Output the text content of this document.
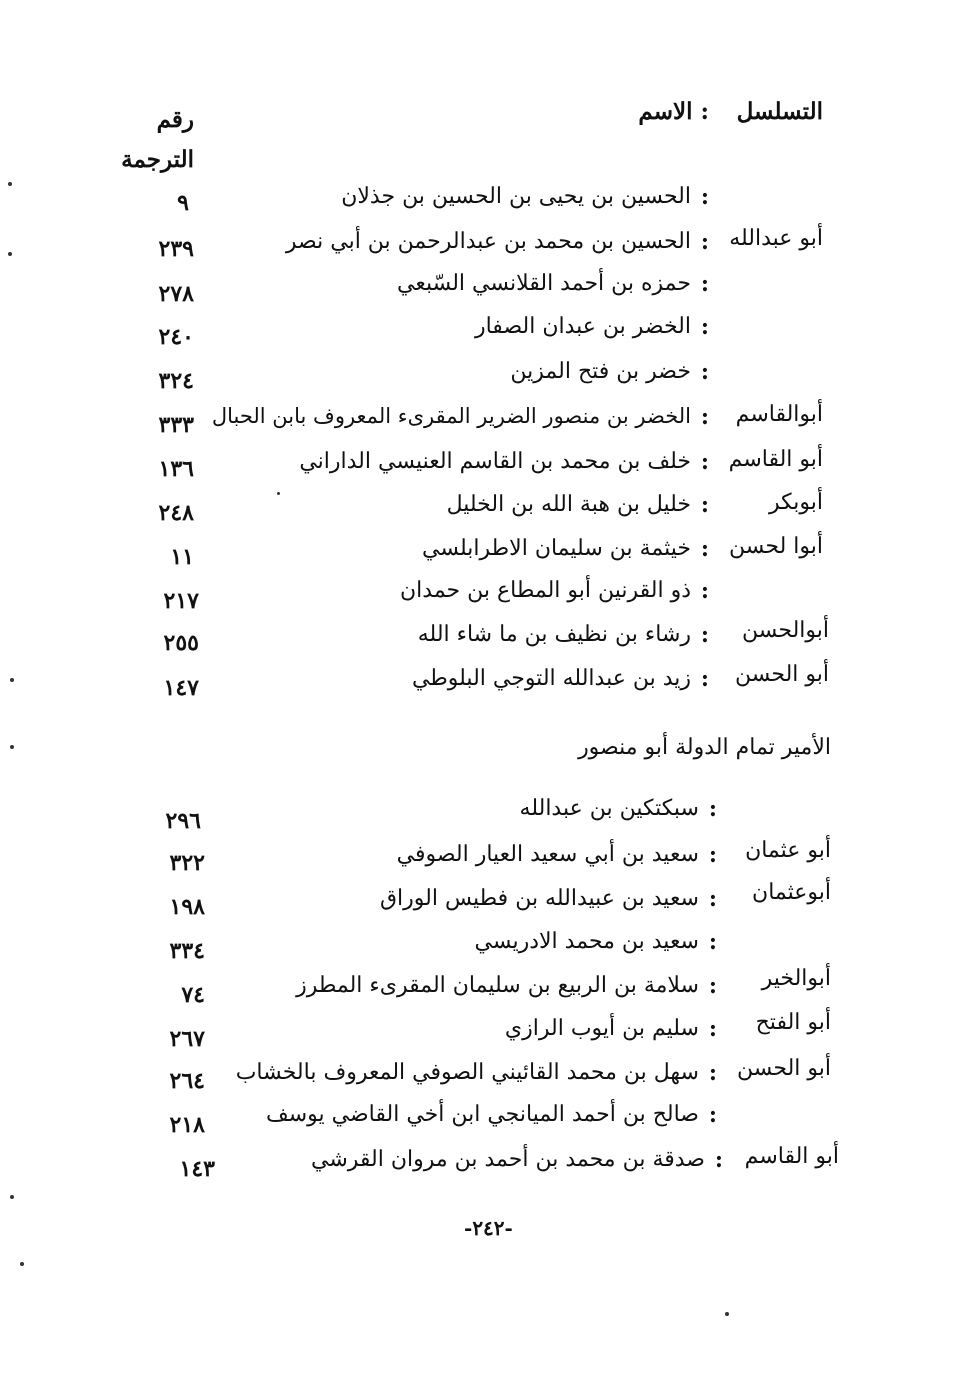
التسلسل
: الاسم
رقم
الترجمة
:
الحسين بن يحيى بن الحسين بن جذلان
٩
أبو عبدالله
:
الحسين بن محمد بن عبدالرحمن بن أبي نصر
٢٣٩
:
حمزه بن أحمد القلانسي السّبعي
٢٧٨
:
الخضر بن عبدان الصفار
٢٤٠
:
خضر بن فتح المزين
٣٢٤
أبوالقاسم
:
الخضر بن منصور الضرير المقرىء المعروف بابن الحبال
٣٣٣
أبو القاسم
:
خلف بن محمد بن القاسم العنيسي الداراني
١٣٦
أبوبكر
:
خليل بن هبة الله بن الخليل
٢٤٨
أبوا لحسن
:
خيثمة بن سليمان الاطرابلسي
١١
:
ذو القرنين أبو المطاع بن حمدان
٢١٧
أبوالحسن
:
رشاء بن نظيف بن ما شاء الله
٢٥٥
أبو الحسن
:
زيد بن عبدالله التوجي البلوطي
١٤٧
الأمير تمام الدولة أبو منصور
:
سبكتكين بن عبدالله
٢٩٦
أبو عثمان
:
سعيد بن أبي سعيد العيار الصوفي
٣٢٢
أبوعثمان
:
سعيد بن عبيدالله بن فطيس الوراق
١٩٨
:
سعيد بن محمد الادريسي
٣٣٤
أبوالخير
:
سلامة بن الربيع بن سليمان المقرىء المطرز
٧٤
أبو الفتح
:
سليم بن أيوب الرازي
٢٦٧
أبو الحسن
:
سهل بن محمد القائيني الصوفي المعروف بالخشاب
٢٦٤
:
صالح بن أحمد الميانجي ابن أخي القاضي يوسف
٢١٨
أبو القاسم
:
صدقة بن محمد بن أحمد بن مروان القرشي
١٤٣
-٢٤٢-
